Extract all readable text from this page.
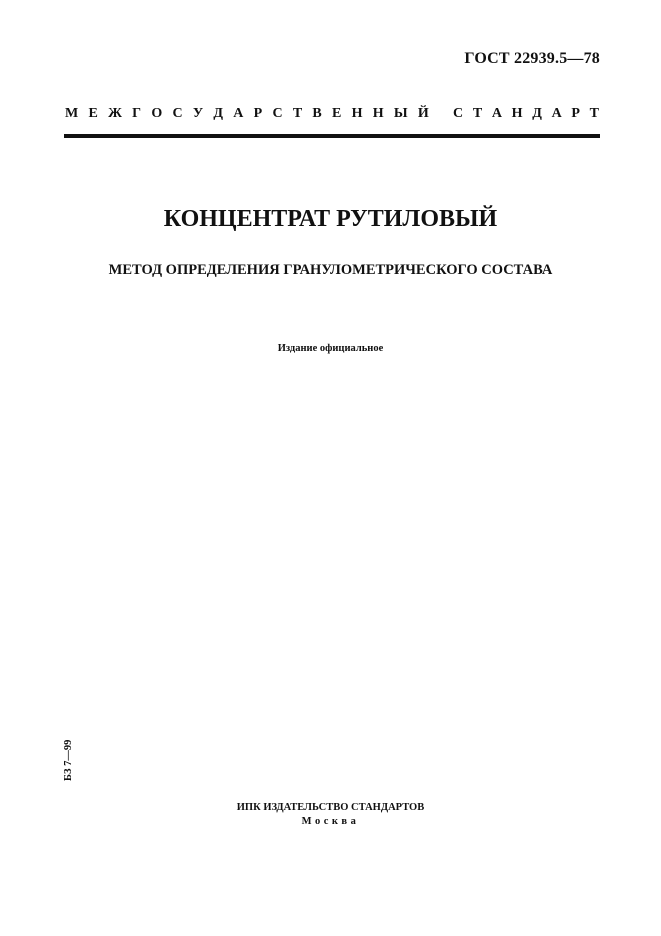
ГОСТ 22939.5—78
М Е Ж Г О С У Д А Р С Т В Е Н Н Ы Й С Т А Н Д А Р Т
КОНЦЕНТРАТ РУТИЛОВЫЙ
МЕТОД ОПРЕДЕЛЕНИЯ ГРАНУЛОМЕТРИЧЕСКОГО СОСТАВА
Издание официальное
БЗ 7—99
ИПК ИЗДАТЕЛЬСТВО СТАНДАРТОВ
Москва
